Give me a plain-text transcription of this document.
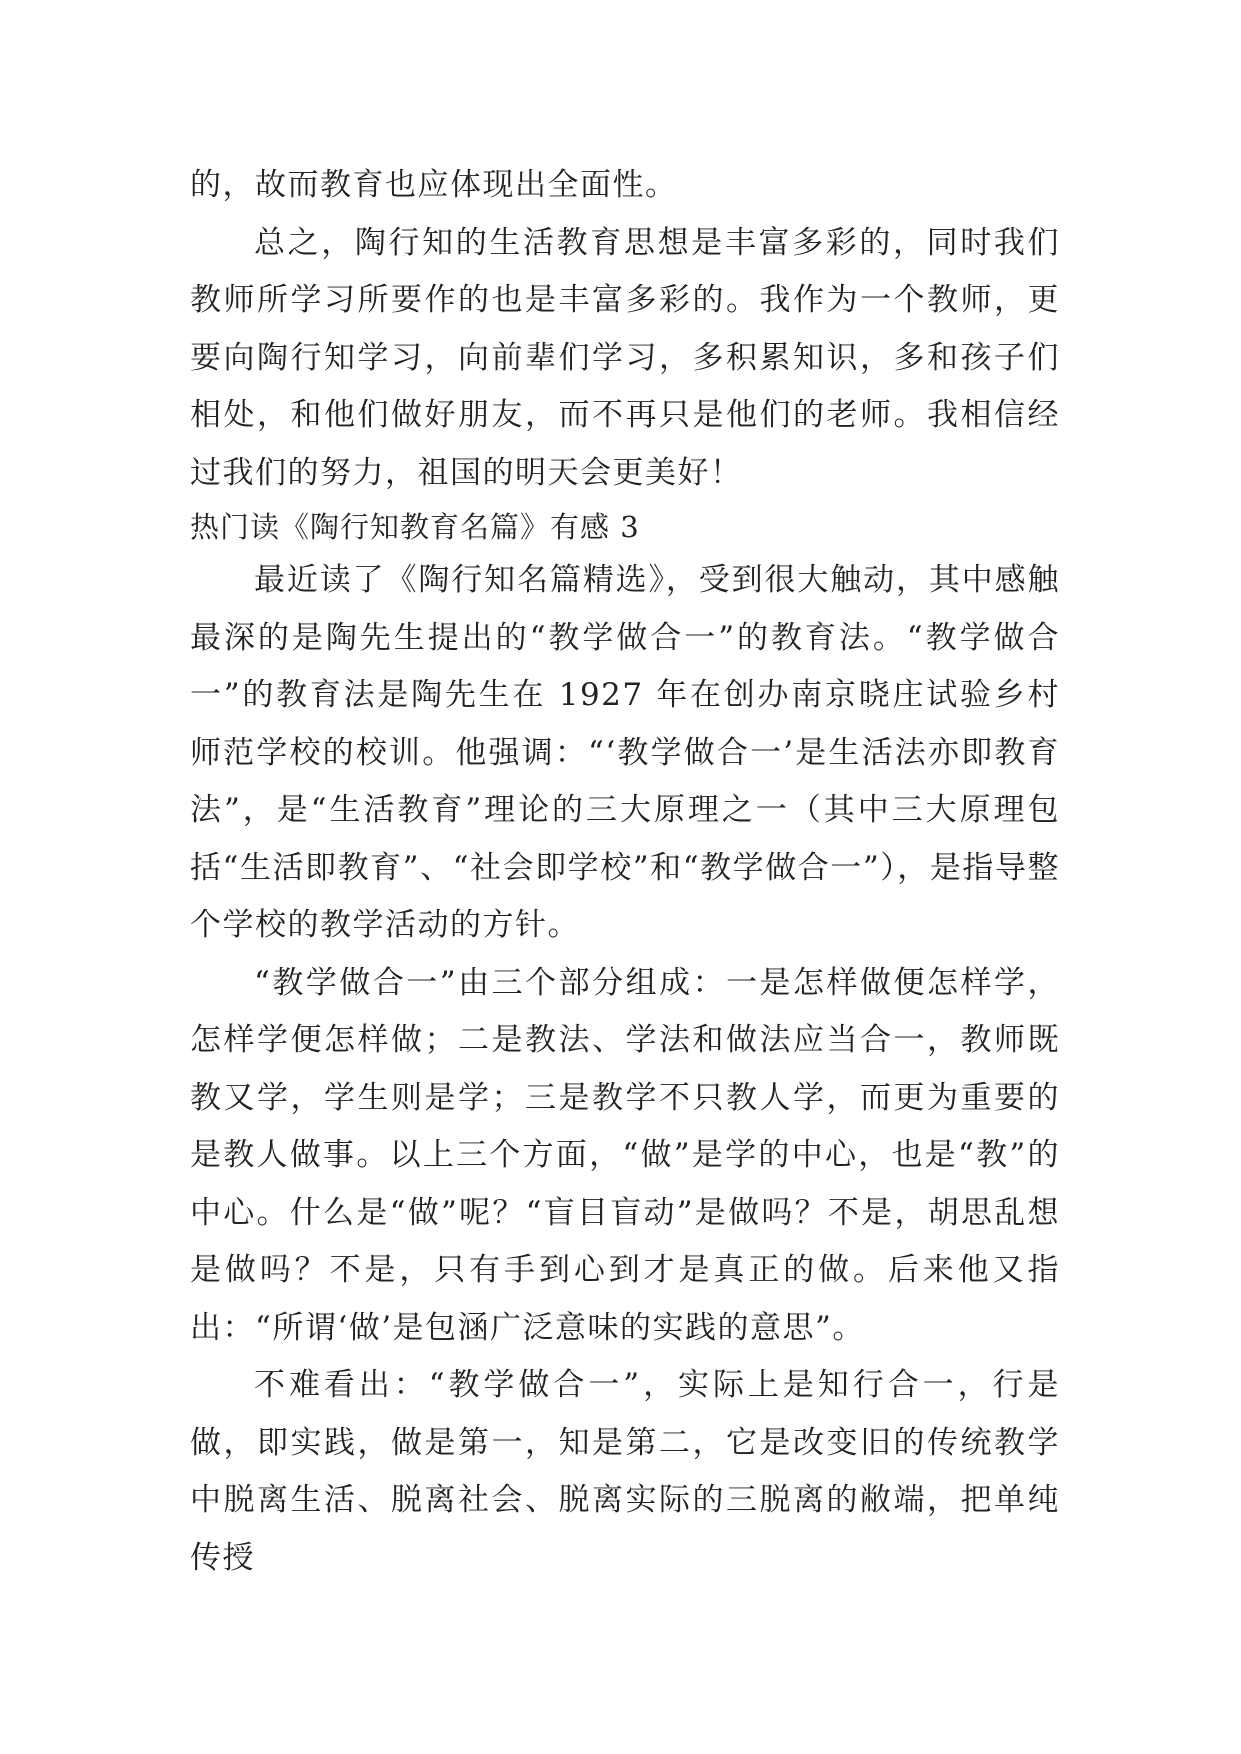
的，故而教育也应体现出全面性。

总之，陶行知的生活教育思想是丰富多彩的，同时我们教师所学习所要作的也是丰富多彩的。我作为一个教师，更要向陶行知学习，向前辈们学习，多积累知识，多和孩子们相处，和他们做好朋友，而不再只是他们的老师。我相信经过我们的努力，祖国的明天会更美好！

热门读《陶行知教育名篇》有感 3

最近读了《陶行知名篇精选》，受到很大触动，其中感触最深的是陶先生提出的“教学做合一”的教育法。“教学做合一”的教育法是陶先生在 1927 年在创办南京晓庄试验乡村师范学校的校训。他强调：“‘教学做合一’是生活法亦即教育法”，是“生活教育”理论的三大原理之一（其中三大原理包括“生活即教育”、“社会即学校”和“教学做合一”），是指导整个学校的教学活动的方针。

“教学做合一”由三个部分组成：一是怎样做便怎样学，怎样学便怎样做；二是教法、学法和做法应当合一，教师既教又学，学生则是学；三是教学不只教人学，而更为重要的是教人做事。以上三个方面，“做”是学的中心，也是“教”的中心。什么是“做”呢？“盲目盲动”是做吗？不是，胡思乱想是做吗？不是，只有手到心到才是真正的做。后来他又指出：“所谓‘做’是包涵广泛意味的实践的意思”。

不难看出：“教学做合一”，实际上是知行合一，行是做，即实践，做是第一，知是第二，它是改变旧的传统教学中脱离生活、脱离社会、脱离实际的三脱离的敝端，把单纯传授
